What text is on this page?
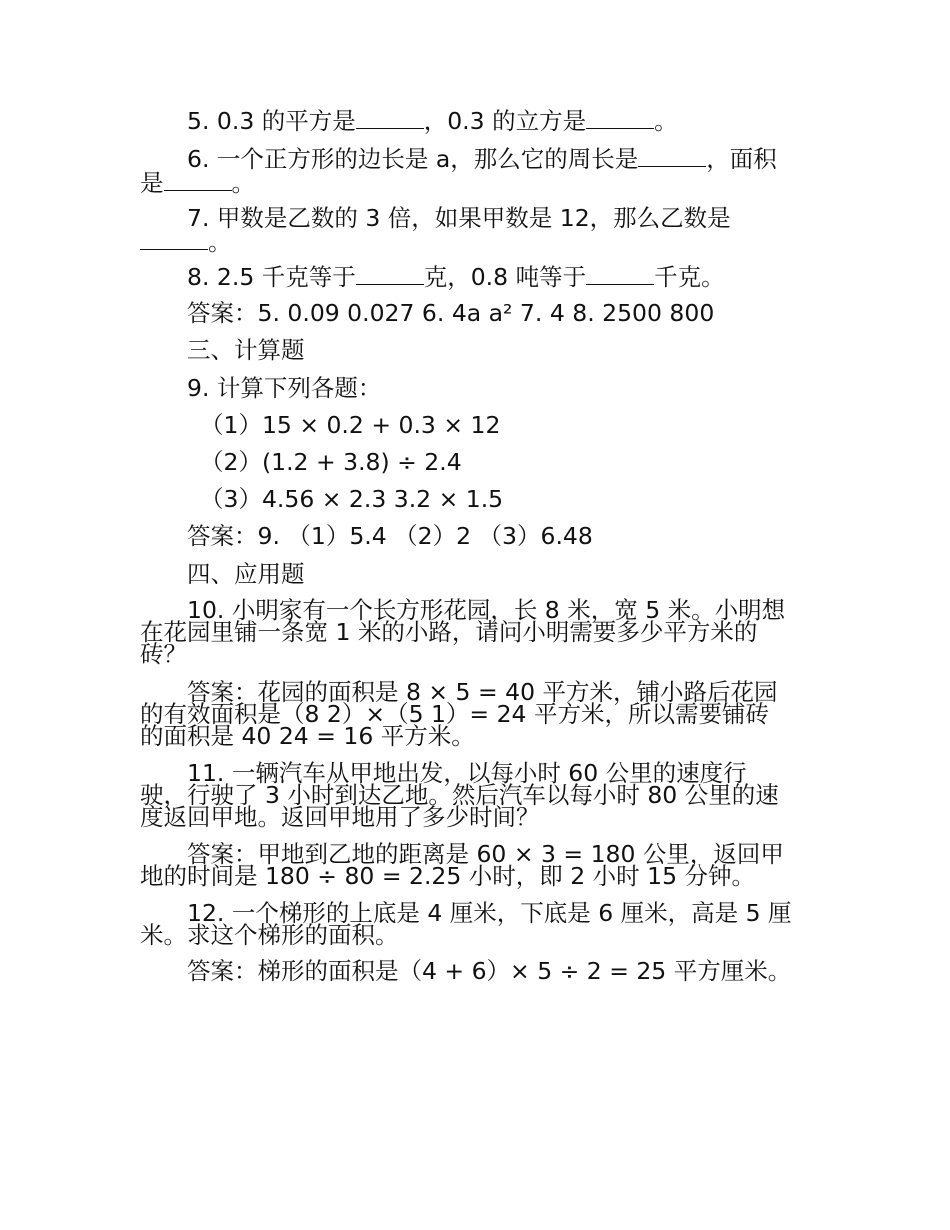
5. 0.3 的平方是	，0.3 的立方是	。
6. 一个正方形的边长是 a，那么它的周长是	，面积
是	。
7. 甲数是乙数的 3 倍，如果甲数是 12，那么乙数是
。
8. 2.5 千克等于	克，0.8 吨等于	千克。
答案：5. 0.09 0.027 6. 4a a² 7. 4 8. 2500 800
三、计算题
9. 计算下列各题：
（1）15 × 0.2 + 0.3 × 12
（2）(1.2 + 3.8) ÷ 2.4
（3）4.56 × 2.3 3.2 × 1.5
答案：9. （1）5.4 （2）2 （3）6.48
四、应用题
10. 小明家有一个长方形花园，长 8 米，宽 5 米。小明想
在花园里铺一条宽 1 米的小路，请问小明需要多少平方米的
砖？
答案：花园的面积是 8 × 5 = 40 平方米，铺小路后花园
的有效面积是（8 2）×（5 1）= 24 平方米，所以需要铺砖
的面积是 40 24 = 16 平方米。
11. 一辆汽车从甲地出发，以每小时 60 公里的速度行
驶，行驶了 3 小时到达乙地。然后汽车以每小时 80 公里的速
度返回甲地。返回甲地用了多少时间？
答案：甲地到乙地的距离是 60 × 3 = 180 公里，返回甲
地的时间是 180 ÷ 80 = 2.25 小时，即 2 小时 15 分钟。
12. 一个梯形的上底是 4 厘米，下底是 6 厘米，高是 5 厘
米。求这个梯形的面积。
答案：梯形的面积是（4 + 6）× 5 ÷ 2 = 25 平方厘米。
